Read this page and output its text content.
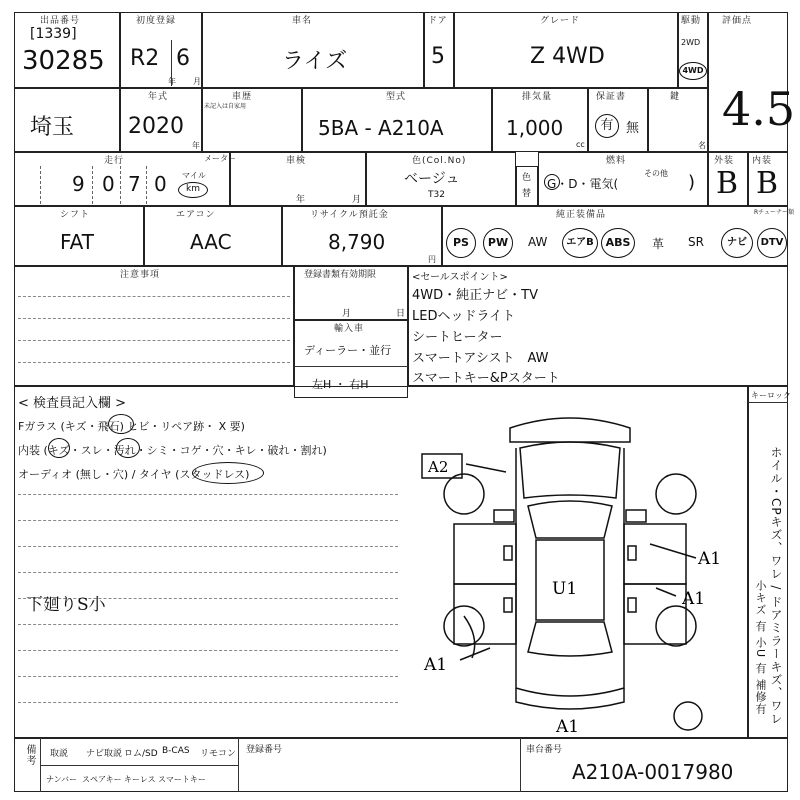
出品番号
[1339]
30285
初度登録
R2 6
年 月
車名
ライズ
ドア
5
グレード
Z 4WD
駆動
2WD
4WD
評価点
4.5
埼玉
年式
2020
年
車歴
未記入は自家用
型式
5BA - A210A
排気量
1,000
cc
保証書
有 無
鍵
名
走行	メーター
9 0 7 0 マイル
km
車検
年	月
色(Col.No)
ベージュ
T32
色
替
燃料
G・D・電気(
その他 )
外装
B
内装
B
シフト
FAT
エアコン
AAC
リサイクル預託金
8,790
円
純正装備品	Rチューナー類
PS	PW	AW	エアB	ABS	革 SR	ナビ	DTV
注意事項	登録書類有効期限
月	日
輸入車
ディーラー・並行
左H ・ 右H
<セールスポイント>
4WD・純正ナビ・TV
LEDヘッドライト
シートヒーター
スマートアシスト　AW
スマートキー&Pスタート
< 検査員記入欄 >
Fガラス (キズ・飛石) ヒビ・リペア跡・ X 要)
内装 (キズ・スレ・汚れ・シミ・コゲ・穴・キレ・破れ・割れ)
オーディオ (無し・穴) / タイヤ (スタッドレス)
下廻りS小
キーロック
ホイル・CPキズ、ワレ / ドアミラーキズ、ワレ
小キズ 有 小U 有 補修有
A2
U1
A1
A1
A1
A1
備考 取説 ナビ取説 ロム/SD B-CAS リモコン
ナンバー スペアキー キーレス スマートキー
登録番号	車台番号
A210A-0017980
